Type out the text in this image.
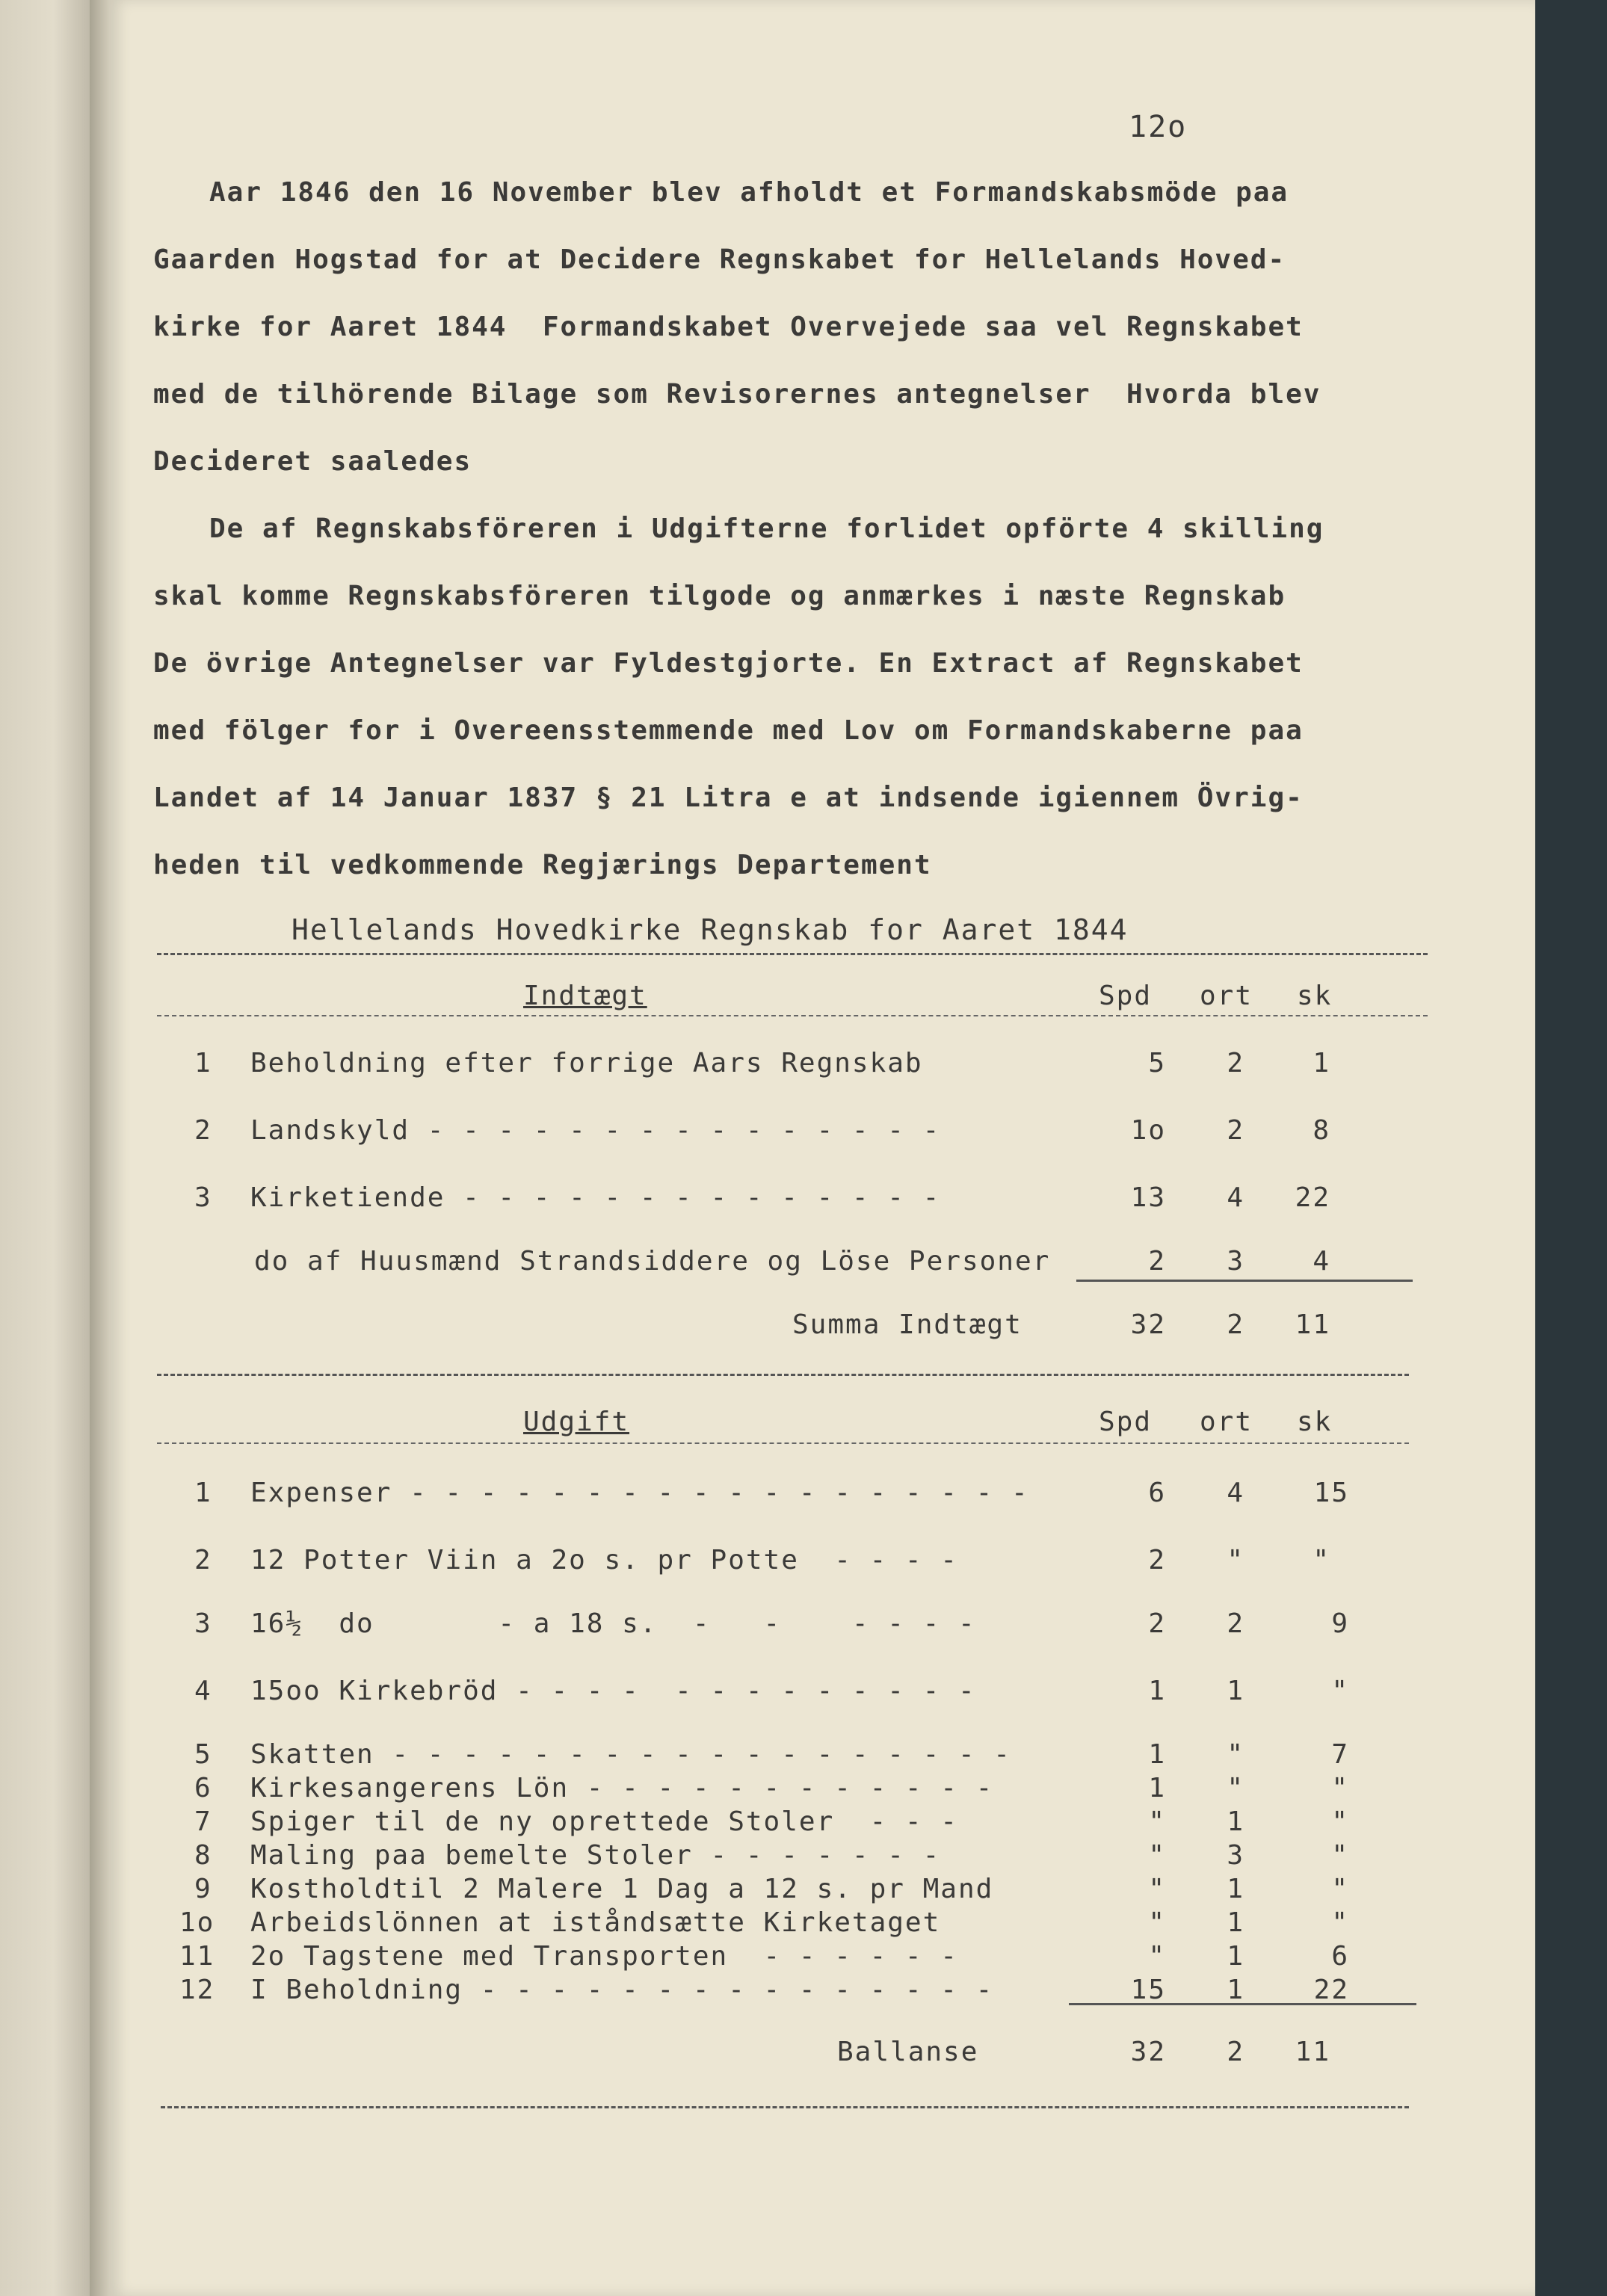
12o
Aar 1846 den 16 November blev afholdt et Formandskabsmöde paa
Gaarden Hogstad for at Decidere Regnskabet for Hellelands Hoved-
kirke for Aaret 1844  Formandskabet Overvejede saa vel Regnskabet
med de tilhörende Bilage som Revisorernes antegnelser  Hvorda blev
Decideret saaledes
De af Regnskabsföreren i Udgifterne forlidet opförte 4 skilling
skal komme Regnskabsföreren tilgode og anmærkes i næste Regnskab
De övrige Antegnelser var Fyldestgjorte. En Extract af Regnskabet
med fölger for i Overeensstemmende med Lov om Formandskaberne paa
Landet af 14 Januar 1837 § 21 Litra e at indsende igiennem Övrig-
heden til vedkommende Regjærings Departement
Hellelands Hovedkirke Regnskab for Aaret 1844
Indtægt	Spd ort sk
1 Beholdning efter forrige Aars Regnskab	5	2	1
2 Landskyld - - - - - - - - - - - - - - -	1o	2	8
3 Kirketiende - - - - - - - - - - - - - -	13	4	22
do af Huusmænd Strandsiddere og Löse Personer	2	3	4
Summa Indtægt	32	2	11
Udgift	Spd ort sk
1 Expenser - - - - - - - - - - - - - - - - - -	6	4	15
2 12 Potter Viin a 2o s. pr Potte  - - - -	2	"	"
3 16½  do       - a 18 s.  -   -    - - - -	2	2	9
4 15oo Kirkebröd - - - -  - - - - - - - - -	1	1	"
5 Skatten - - - - - - - - - - - - - - - - - -	1	"	7
6 Kirkesangerens Lön - - - - - - - - - - - -	1	"	"
7 Spiger til de ny oprettede Stoler  - - -	"	1	"
8 Maling paa bemelte Stoler - - - - - - -	"	3	"
9 Kostholdtil 2 Malere 1 Dag a 12 s. pr Mand	"	1	"
1o Arbeidslönnen at iståndsætte Kirketaget	"	1	"
11 2o Tagstene med Transporten  - - - - - -	"	1	6
12 I Beholdning - - - - - - - - - - - - - - -	15	1	22
Ballanse	32	2	11
